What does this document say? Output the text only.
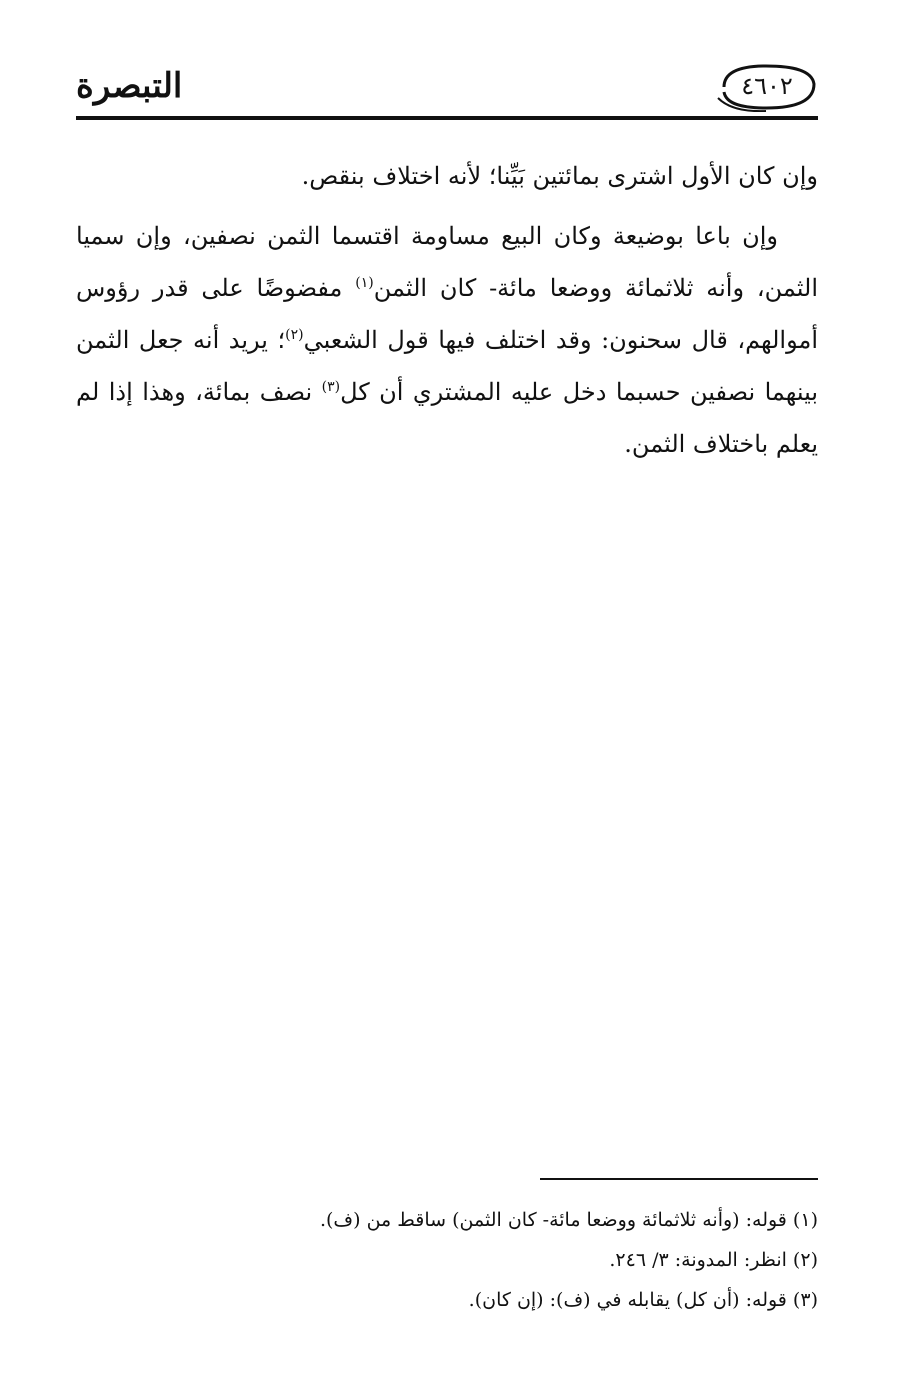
التبصرة	٤٦٠٢

وإن كان الأول اشترى بمائتين بَيِّنا؛ لأنه اختلاف بنقص.

وإن باعا بوضيعة وكان البيع مساومة اقتسما الثمن نصفين، وإن سميا الثمن، وأنه ثلاثمائة ووضعا مائة- كان الثمن$^{(١)}$ مفضوضًا على قدر رؤوس أموالهم، قال سحنون: وقد اختلف فيها قول الشعبي$^{(٢)}$؛ يريد أنه جعل الثمن بينهما نصفين حسبما دخل عليه المشتري أن كل$^{(٣)}$ نصف بمائة، وهذا إذا لم يعلم باختلاف الثمن.

(١) قوله: (وأنه ثلاثمائة ووضعا مائة- كان الثمن) ساقط من (ف).

(٢) انظر: المدونة: ٣/ ٢٤٦.

(٣) قوله: (أن كل) يقابله في (ف): (إن كان).
